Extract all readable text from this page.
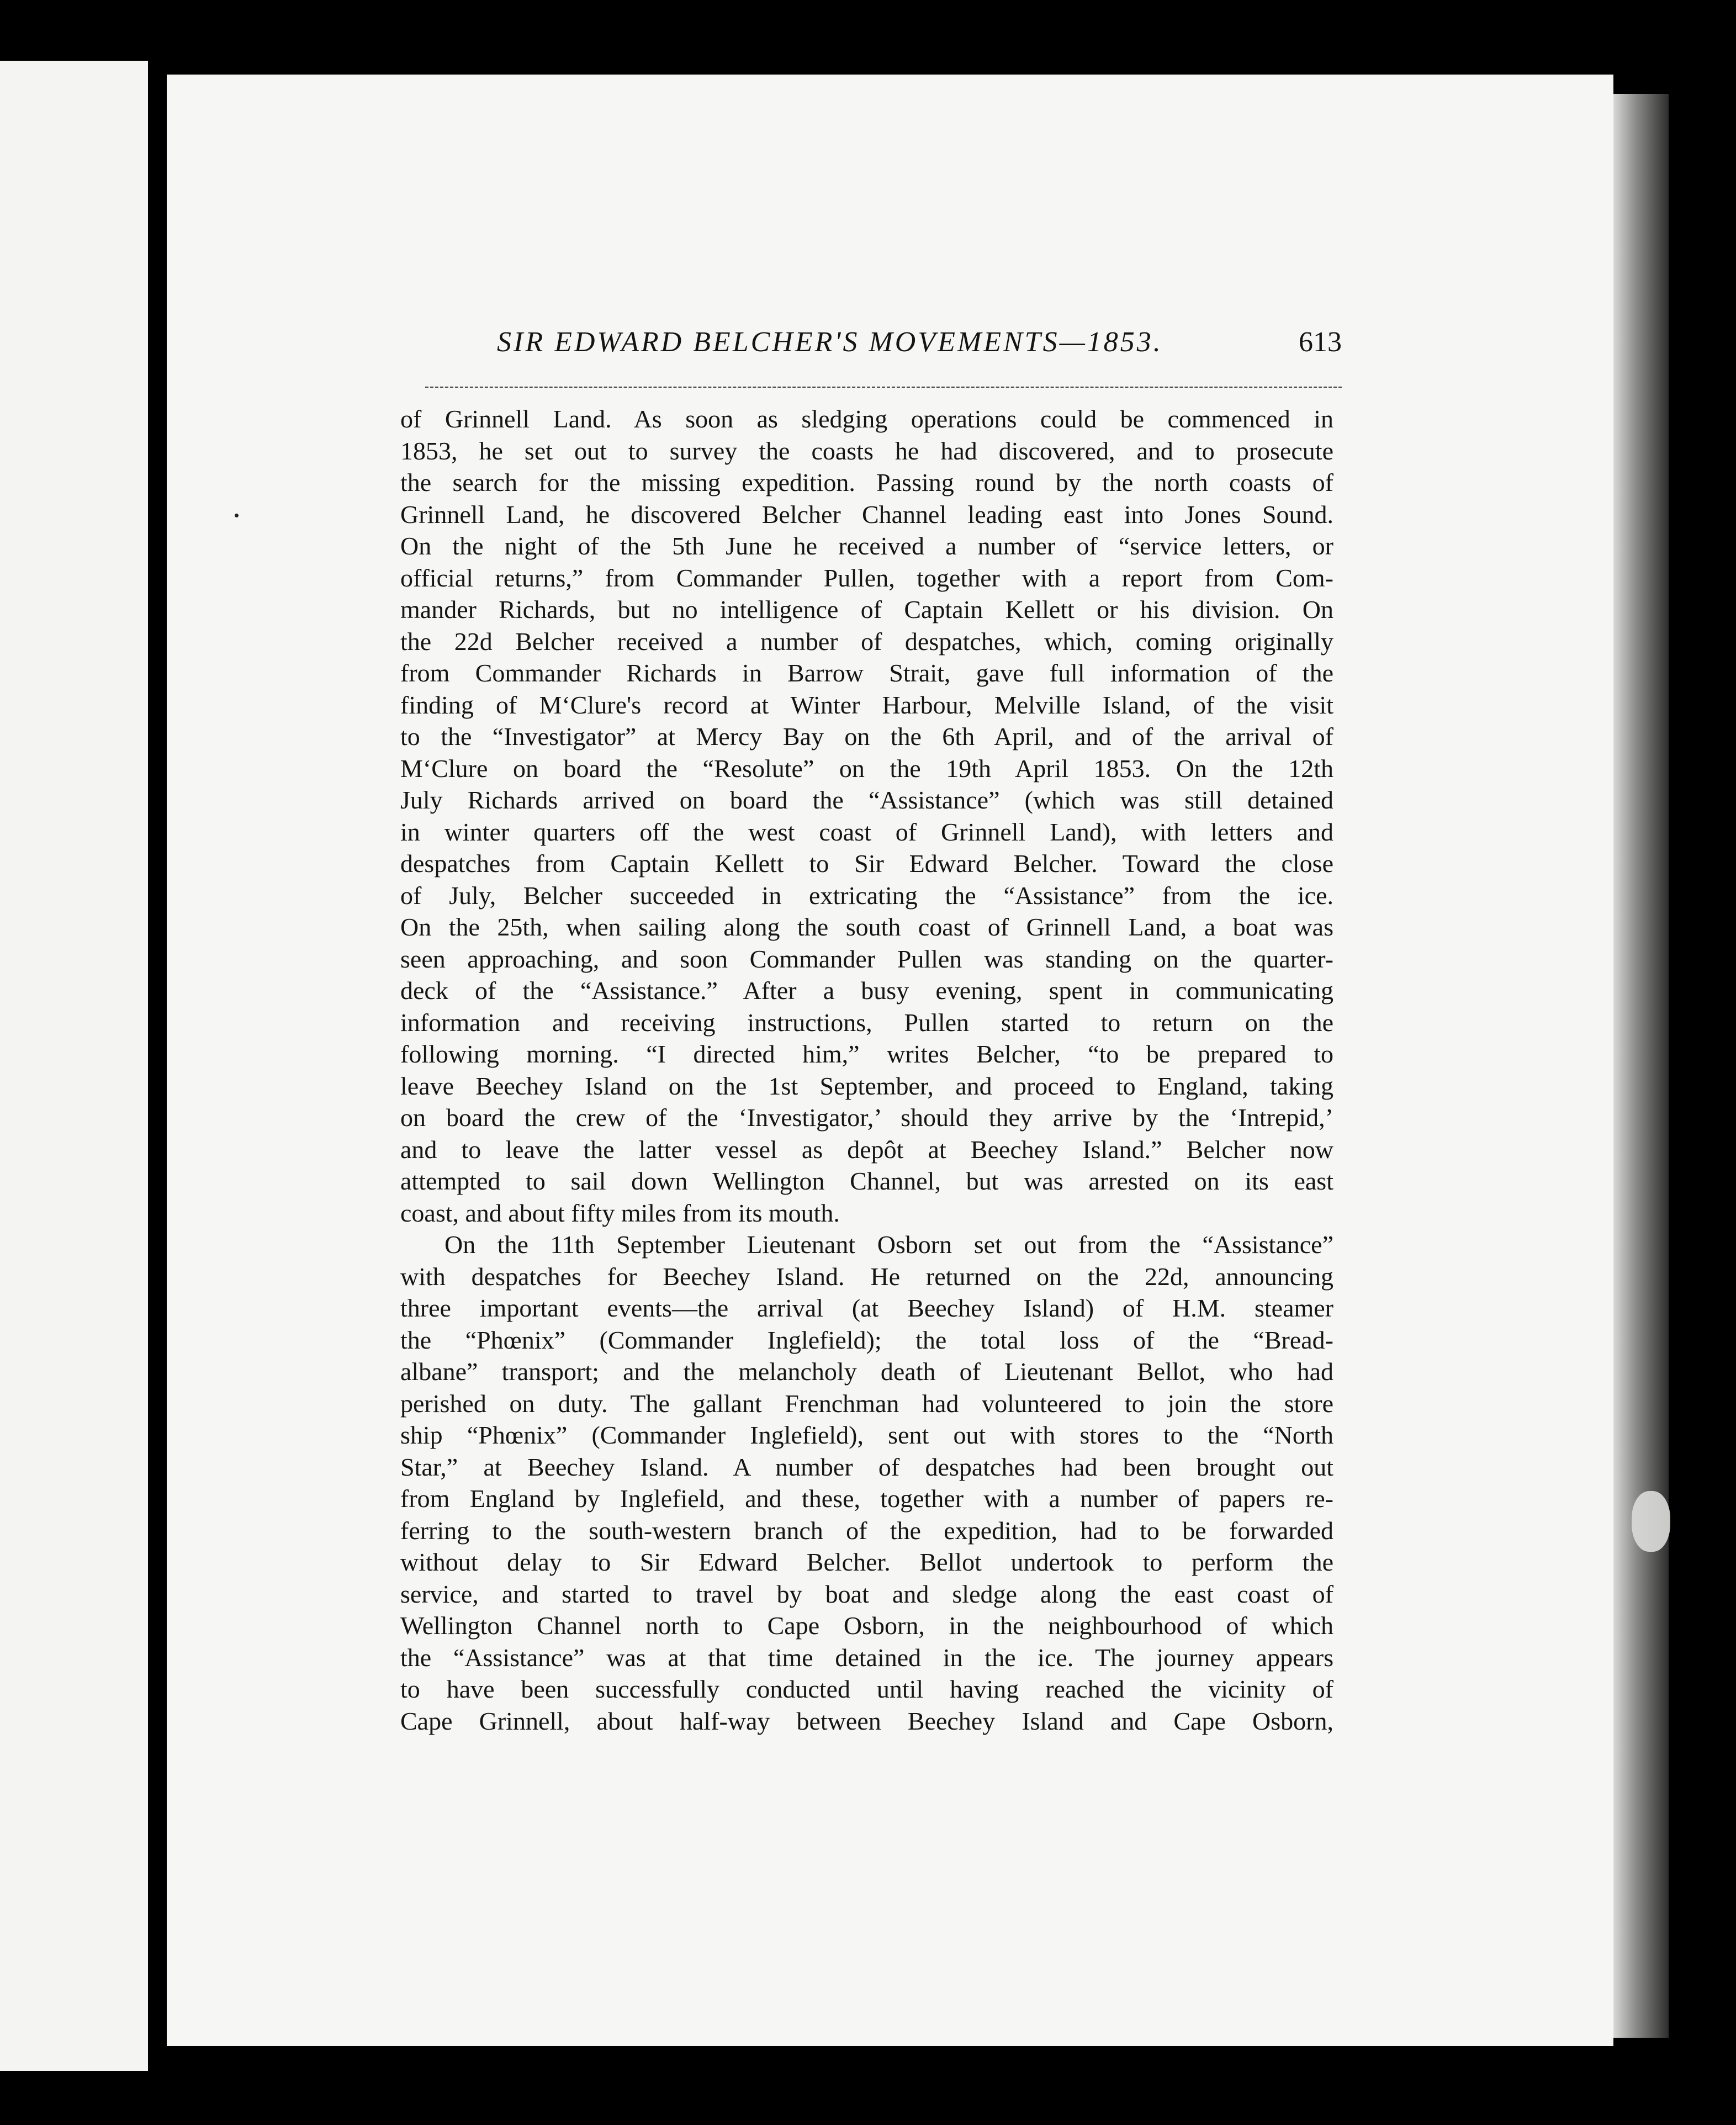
SIR EDWARD BELCHER'S MOVEMENTS—1853.	613
of Grinnell Land. As soon as sledging operations could be commenced in
1853, he set out to survey the coasts he had discovered, and to prosecute
the search for the missing expedition. Passing round by the north coasts of
Grinnell Land, he discovered Belcher Channel leading east into Jones Sound.
On the night of the 5th June he received a number of “service letters, or
official returns,” from Commander Pullen, together with a report from Com-
mander Richards, but no intelligence of Captain Kellett or his division. On
the 22d Belcher received a number of despatches, which, coming originally
from Commander Richards in Barrow Strait, gave full information of the
finding of M‘Clure's record at Winter Harbour, Melville Island, of the visit
to the “Investigator” at Mercy Bay on the 6th April, and of the arrival of
M‘Clure on board the “Resolute” on the 19th April 1853. On the 12th
July Richards arrived on board the “Assistance” (which was still detained
in winter quarters off the west coast of Grinnell Land), with letters and
despatches from Captain Kellett to Sir Edward Belcher. Toward the close
of July, Belcher succeeded in extricating the “Assistance” from the ice.
On the 25th, when sailing along the south coast of Grinnell Land, a boat was
seen approaching, and soon Commander Pullen was standing on the quarter-
deck of the “Assistance.” After a busy evening, spent in communicating
information and receiving instructions, Pullen started to return on the
following morning. “I directed him,” writes Belcher, “to be prepared to
leave Beechey Island on the 1st September, and proceed to England, taking
on board the crew of the ‘Investigator,’ should they arrive by the ‘Intrepid,’
and to leave the latter vessel as depôt at Beechey Island.” Belcher now
attempted to sail down Wellington Channel, but was arrested on its east
coast, and about fifty miles from its mouth.
On the 11th September Lieutenant Osborn set out from the “Assistance”
with despatches for Beechey Island. He returned on the 22d, announcing
three important events—the arrival (at Beechey Island) of H.M. steamer
the “Phœnix” (Commander Inglefield); the total loss of the “Bread-
albane” transport; and the melancholy death of Lieutenant Bellot, who had
perished on duty. The gallant Frenchman had volunteered to join the store
ship “Phœnix” (Commander Inglefield), sent out with stores to the “North
Star,” at Beechey Island. A number of despatches had been brought out
from England by Inglefield, and these, together with a number of papers re-
ferring to the south-western branch of the expedition, had to be forwarded
without delay to Sir Edward Belcher. Bellot undertook to perform the
service, and started to travel by boat and sledge along the east coast of
Wellington Channel north to Cape Osborn, in the neighbourhood of which
the “Assistance” was at that time detained in the ice. The journey appears
to have been successfully conducted until having reached the vicinity of
Cape Grinnell, about half-way between Beechey Island and Cape Osborn,
